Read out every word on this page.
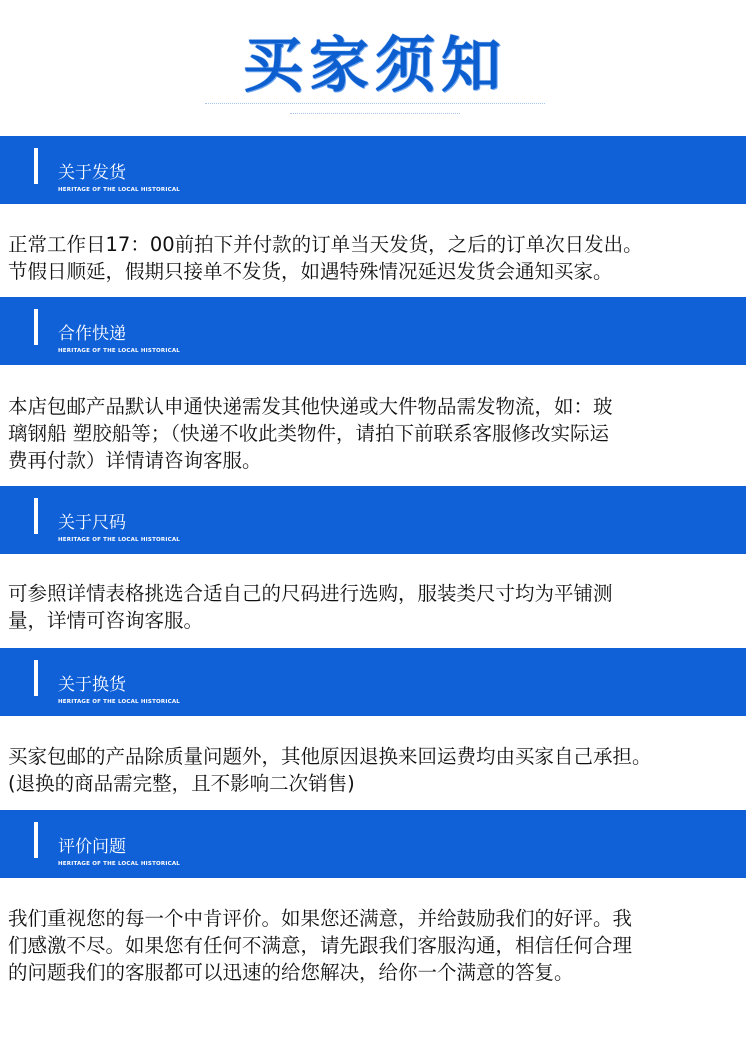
买家须知
关于发货
HERITAGE OF THE LOCAL HISTORICAL
正常工作日17：00前拍下并付款的订单当天发货，之后的订单次日发出。
节假日顺延，假期只接单不发货，如遇特殊情况延迟发货会通知买家。
合作快递
HERITAGE OF THE LOCAL HISTORICAL
本店包邮产品默认申通快递需发其他快递或大件物品需发物流，如：玻
璃钢船 塑胶船等；（快递不收此类物件，请拍下前联系客服修改实际运
费再付款）详情请咨询客服。
关于尺码
HERITAGE OF THE LOCAL HISTORICAL
可参照详情表格挑选合适自己的尺码进行选购，服装类尺寸均为平铺测
量，详情可咨询客服。
关于换货
HERITAGE OF THE LOCAL HISTORICAL
买家包邮的产品除质量问题外，其他原因退换来回运费均由买家自己承担。
(退换的商品需完整，且不影响二次销售)
评价问题
HERITAGE OF THE LOCAL HISTORICAL
我们重视您的每一个中肯评价。如果您还满意，并给鼓励我们的好评。我
们感激不尽。如果您有任何不满意，请先跟我们客服沟通，相信任何合理
的问题我们的客服都可以迅速的给您解决，给你一个满意的答复。
